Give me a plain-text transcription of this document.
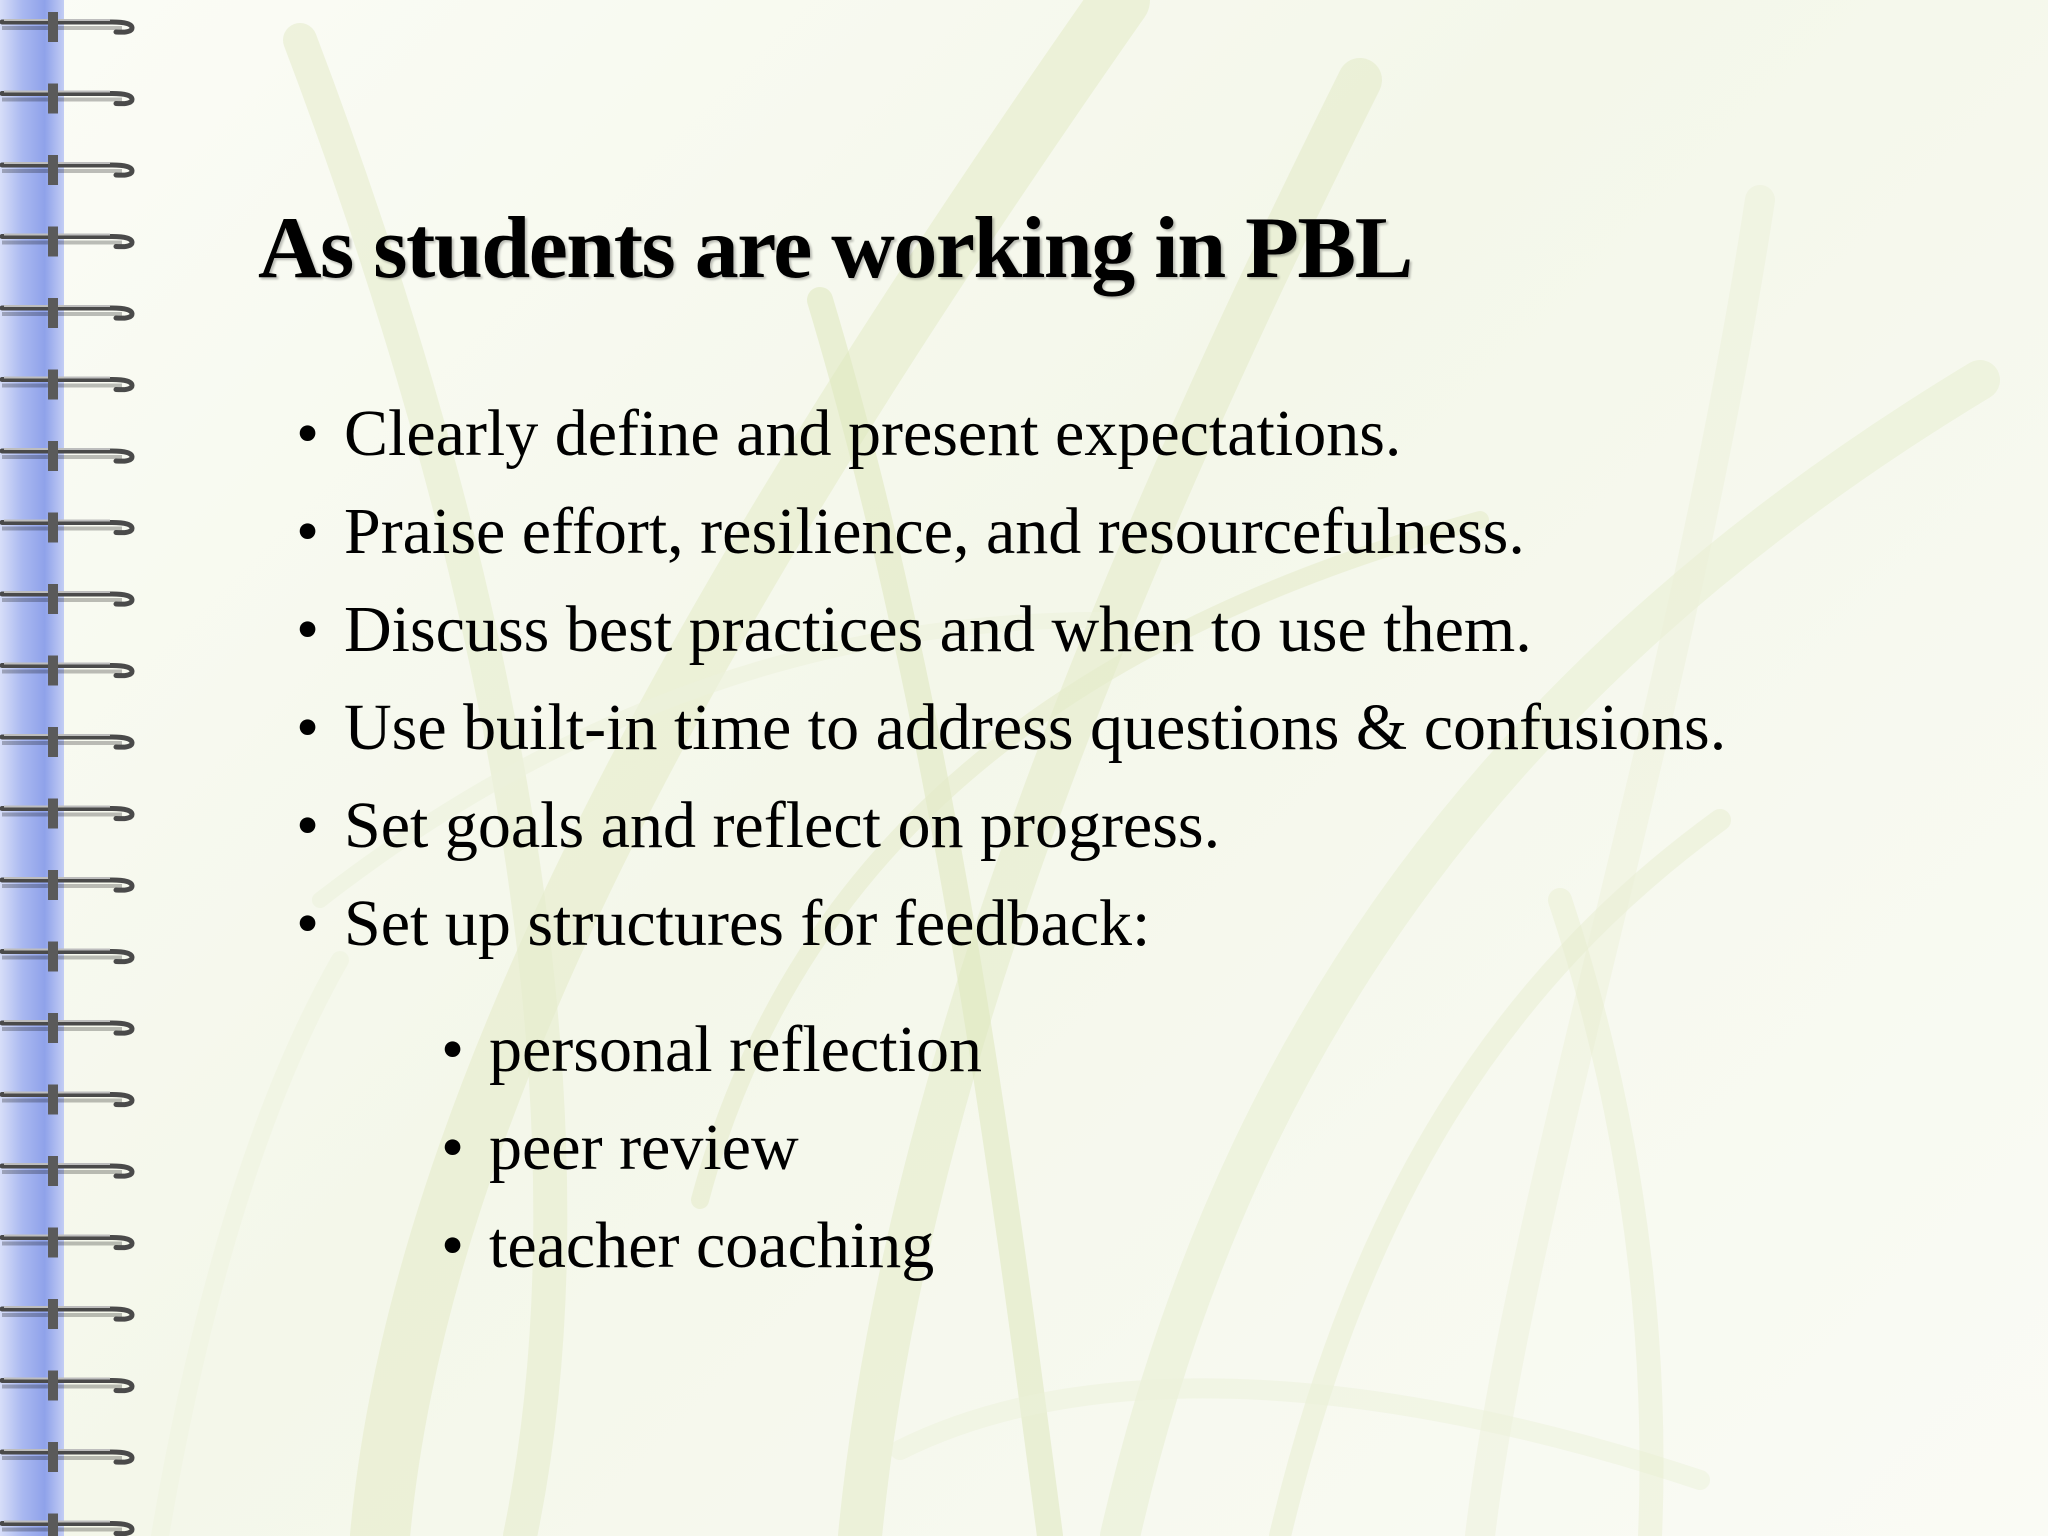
As students are working in PBL
• Clearly define and present expectations.
• Praise effort, resilience, and resourcefulness.
• Discuss best practices and when to use them.
• Use built-in time to address questions & confusions.
• Set goals and reflect on progress.
• Set up structures for feedback:
• personal reflection
• peer review
• teacher coaching
